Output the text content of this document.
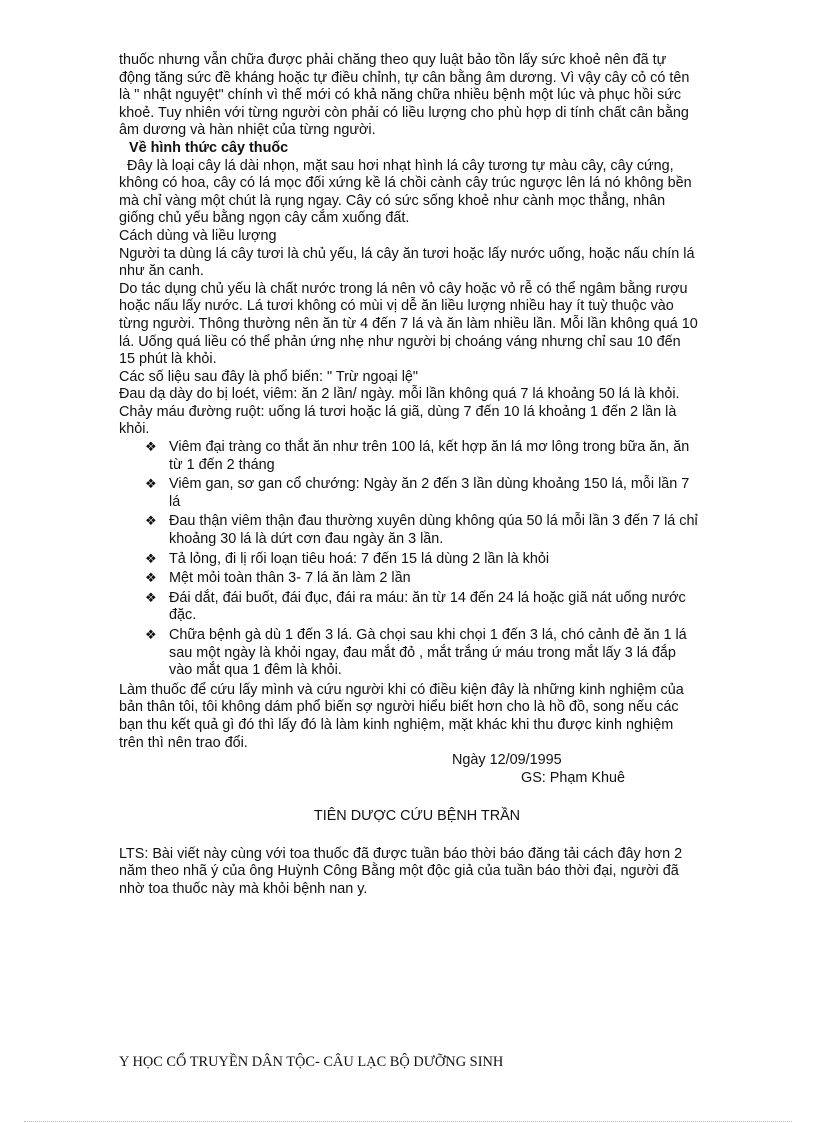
thuốc nhưng vẫn chữa được phải chăng theo quy luật bảo tồn lấy sức khoẻ nên đã tự động tăng sức đề kháng hoặc tự điều chỉnh, tự cân bằng âm dương. Vì vậy cây cỏ có tên là " nhật nguyệt" chính vì thế mới có khả năng chữa nhiều bệnh một lúc và phục hồi sức khoẻ. Tuy nhiên với từng người còn phải có liều lượng cho phù hợp di tính chất cân bằng âm dương và hàn nhiệt của từng người.

Về hình thức cây thuốc

Đây là loại cây lá dài nhọn, mặt sau hơi nhạt hình lá cây tương tự màu cây, cây cứng, không có hoa, cây có lá mọc đối xứng kề lá chồi cành cây trúc ngược lên lá nó không bền mà chỉ vàng một chút là rụng ngay. Cây có sức sống khoẻ như cành mọc thẳng, nhân giống chủ yếu bằng ngọn cây cắm xuống đất.

Cách dùng và liều lượng

Người ta dùng lá cây tươi là chủ yếu, lá cây ăn tươi hoặc lấy nước uống, hoặc nấu chín lá như ăn canh.

Do tác dụng chủ yếu là chất nước trong lá nên vỏ cây hoặc vỏ rễ có thể ngâm bằng rượu hoặc nấu lấy nước. Lá tươi không có mùi vị dễ ăn liều lượng nhiều hay ít tuỳ thuộc vào từng người. Thông thường nên ăn từ 4 đến 7 lá và ăn làm nhiều lần. Mỗi lần không quá 10 lá. Uống quá liều có thể phản ứng nhẹ như người bị choáng váng nhưng chỉ sau 10 đến 15 phút là khỏi.

Các số liệu sau đây là phổ biến: " Trừ ngoại lệ"

Đau dạ dày do bị loét, viêm: ăn 2 lần/ ngày. mỗi lần không quá 7 lá khoảng 50 lá là khỏi.

Chảy máu đường ruột: uống lá tươi hoặc lá giã, dùng 7 đến 10 lá khoảng 1 đến 2 lần là khỏi.

❖ Viêm đại tràng co thắt ăn như trên 100 lá, kết hợp ăn lá mơ lông trong bữa ăn, ăn từ 1 đến 2 tháng
❖ Viêm gan, sơ gan cổ chướng: Ngày ăn 2 đến 3 lần dùng khoảng 150 lá, mỗi lần 7 lá
❖ Đau thận viêm thận đau thường xuyên dùng không qúa 50 lá mỗi lần 3 đến 7 lá chỉ khoảng 30 lá là dứt cơn đau ngày ăn 3 lần.
❖ Tả lỏng, đi lị rối loạn tiêu hoá: 7 đến 15 lá dùng 2 lần là khỏi
❖ Mệt mỏi toàn thân 3- 7 lá ăn làm 2 lần
❖ Đái dắt, đái buốt, đái đục, đái ra máu: ăn từ 14 đến 24 lá hoặc giã nát uống nước đặc.
❖ Chữa bệnh gà dù 1 đến 3 lá. Gà chọi sau khi chọi 1 đến 3 lá, chó cảnh đẻ ăn 1 lá sau một ngày là khỏi ngay, đau mắt đỏ , mắt trắng ứ máu trong mắt lấy 3 lá đắp vào mắt qua 1 đêm là khỏi.

Làm thuốc để cứu lấy mình và cứu người khi có điều kiện đây là những kinh nghiệm của bản thân tôi, tôi không dám phổ biến sợ người hiểu biết hơn cho là hồ đồ, song nếu các bạn thu kết quả gì đó thì lấy đó là làm kinh nghiệm, mặt khác khi thu được kinh nghiệm trên thì nên trao đổi.

Ngày 12/09/1995
GS: Phạm Khuê

TIÊN DƯỢC CỨU BỆNH TRẦN

LTS: Bài viết này cùng với toa thuốc đã được tuần báo thời báo đăng tải cách đây hơn 2 năm theo nhã ý của ông Huỳnh Công Bằng một độc giả của tuần báo thời đại, người đã nhờ toa thuốc này mà khỏi bệnh nan y.

Y HỌC CỔ TRUYỀN DÂN TỘC- CÂU LẠC BỘ DƯỠNG SINH
